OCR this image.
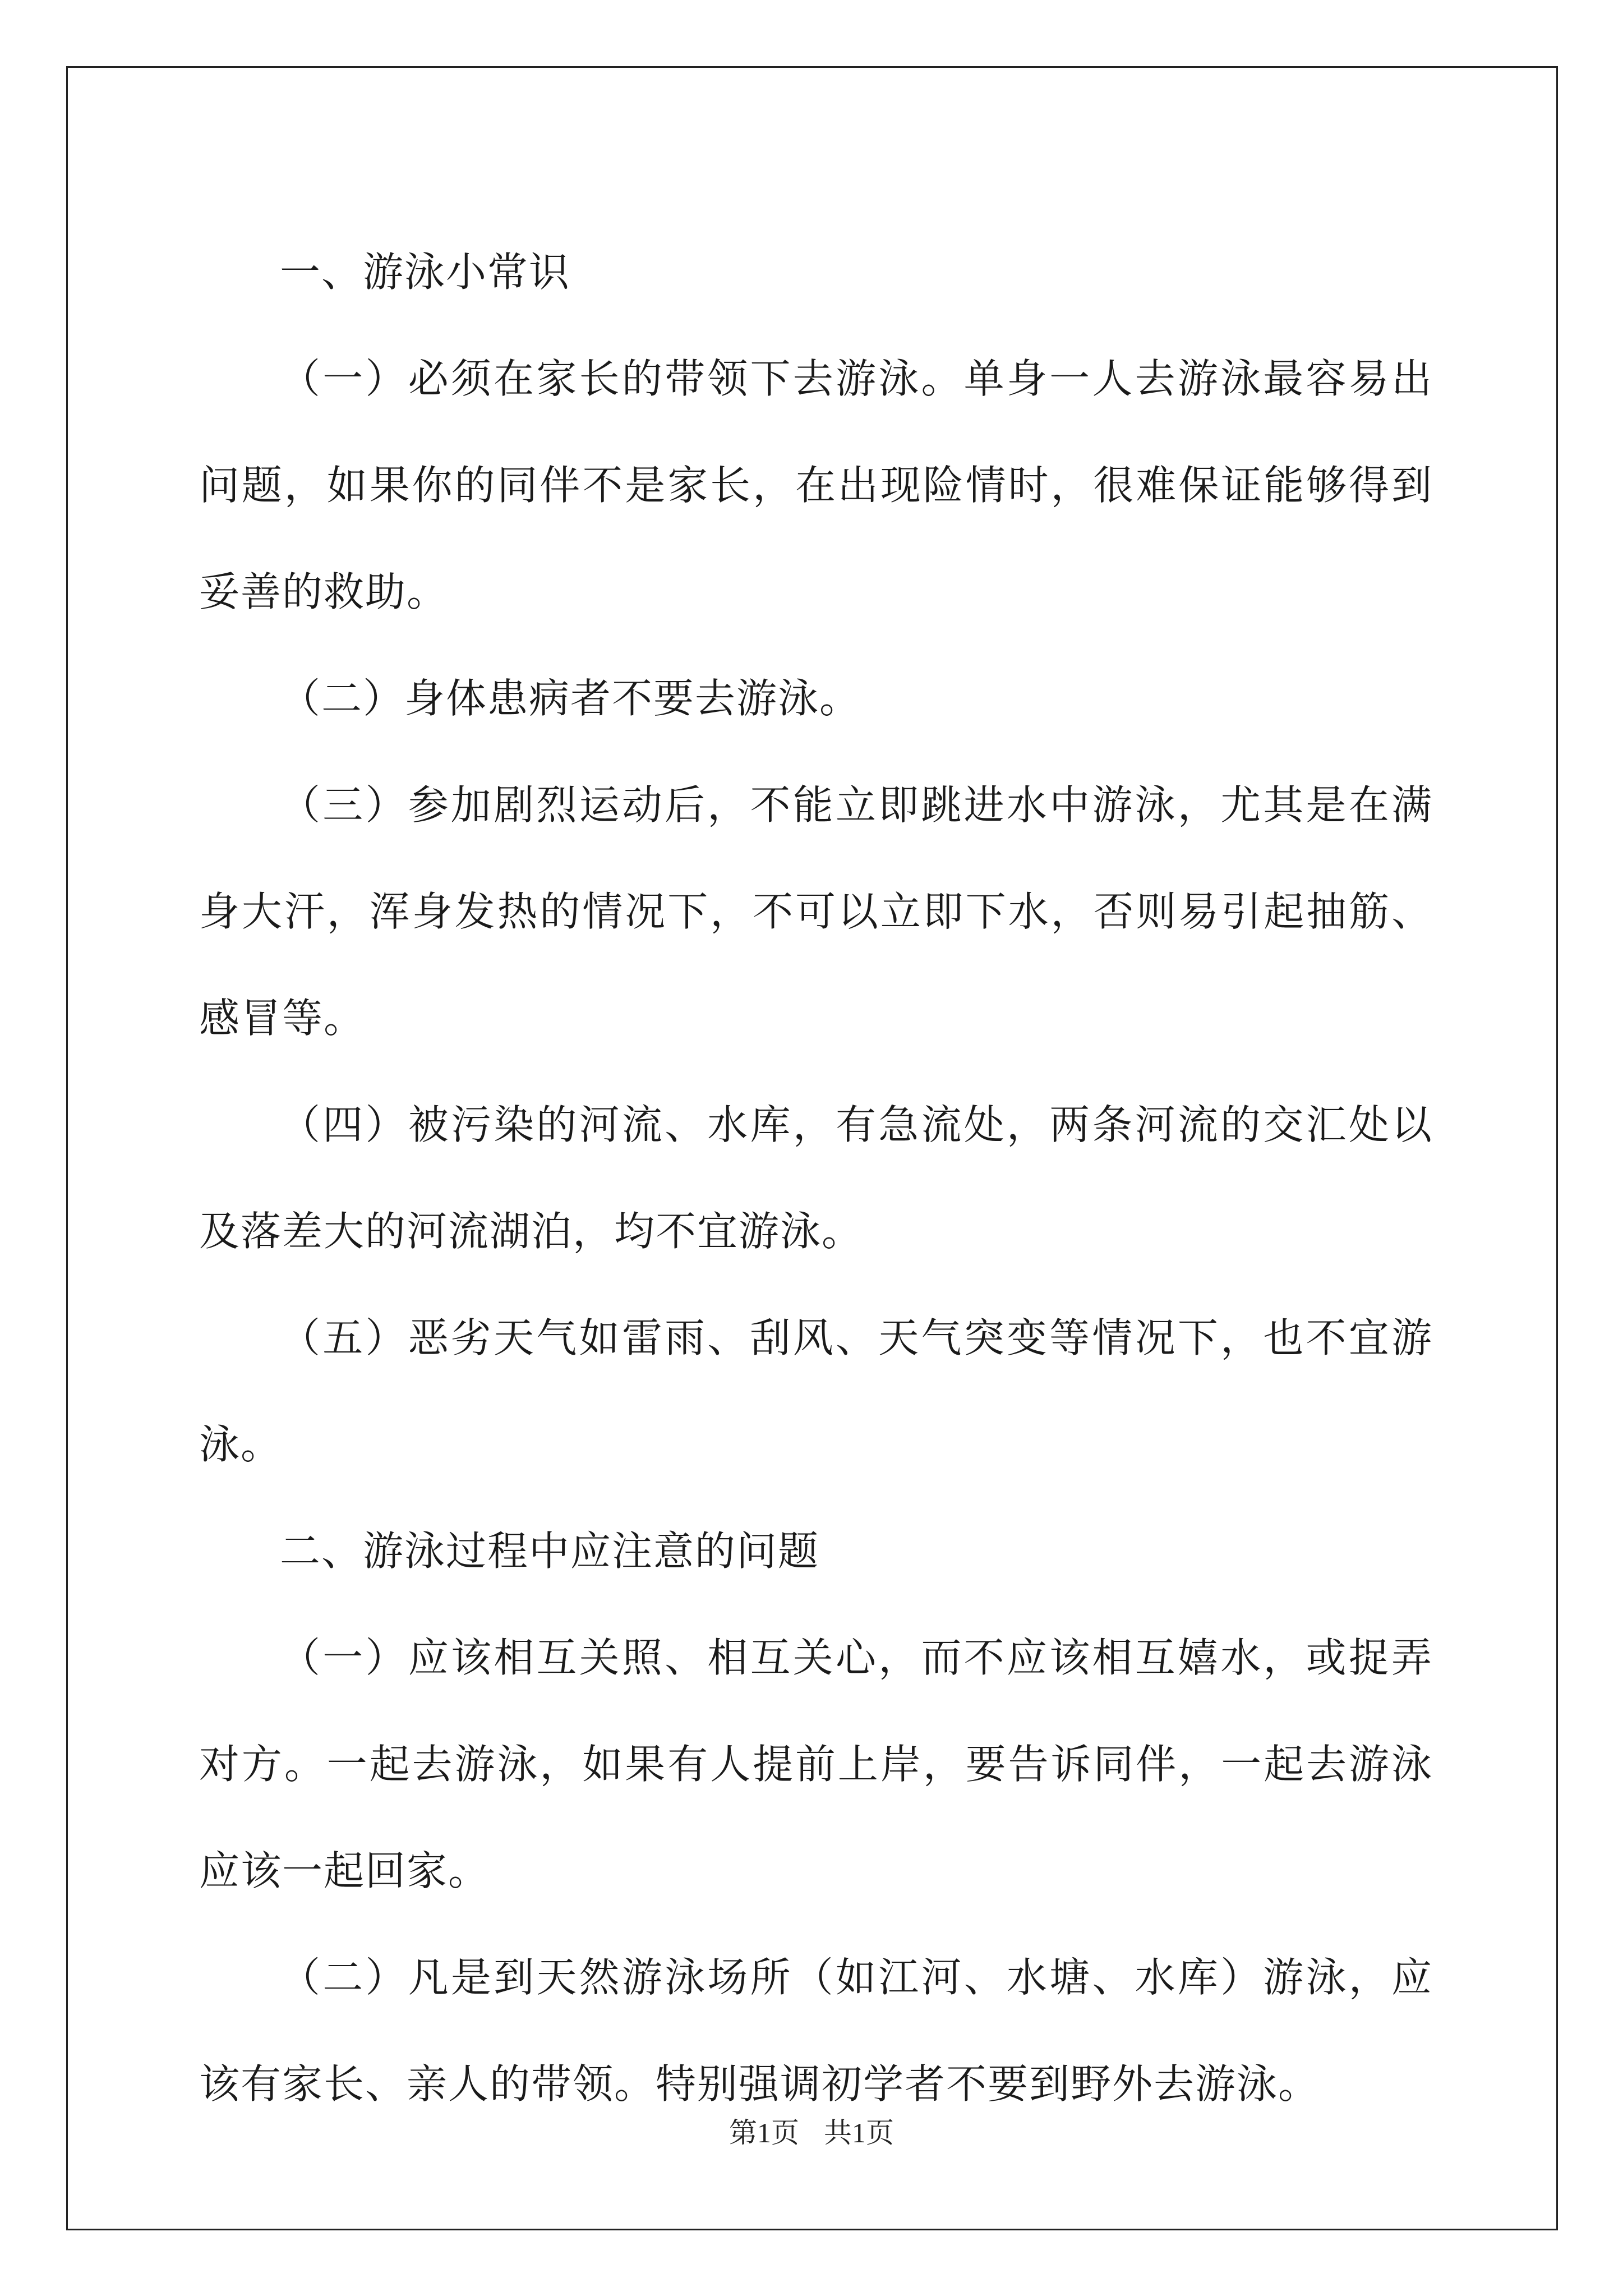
一、游泳小常识

（一）必须在家长的带领下去游泳。单身一人去游泳最容易出问题，如果你的同伴不是家长，在出现险情时，很难保证能够得到妥善的救助。

（二）身体患病者不要去游泳。

（三）参加剧烈运动后，不能立即跳进水中游泳，尤其是在满身大汗，浑身发热的情况下，不可以立即下水，否则易引起抽筋、感冒等。

（四）被污染的河流、水库，有急流处，两条河流的交汇处以及落差大的河流湖泊，均不宜游泳。

（五）恶劣天气如雷雨、刮风、天气突变等情况下，也不宜游泳。

二、游泳过程中应注意的问题

（一）应该相互关照、相互关心，而不应该相互嬉水，或捉弄对方。一起去游泳，如果有人提前上岸，要告诉同伴，一起去游泳应该一起回家。

（二）凡是到天然游泳场所（如江河、水塘、水库）游泳，应该有家长、亲人的带领。特别强调初学者不要到野外去游泳。

第1页 共1页
